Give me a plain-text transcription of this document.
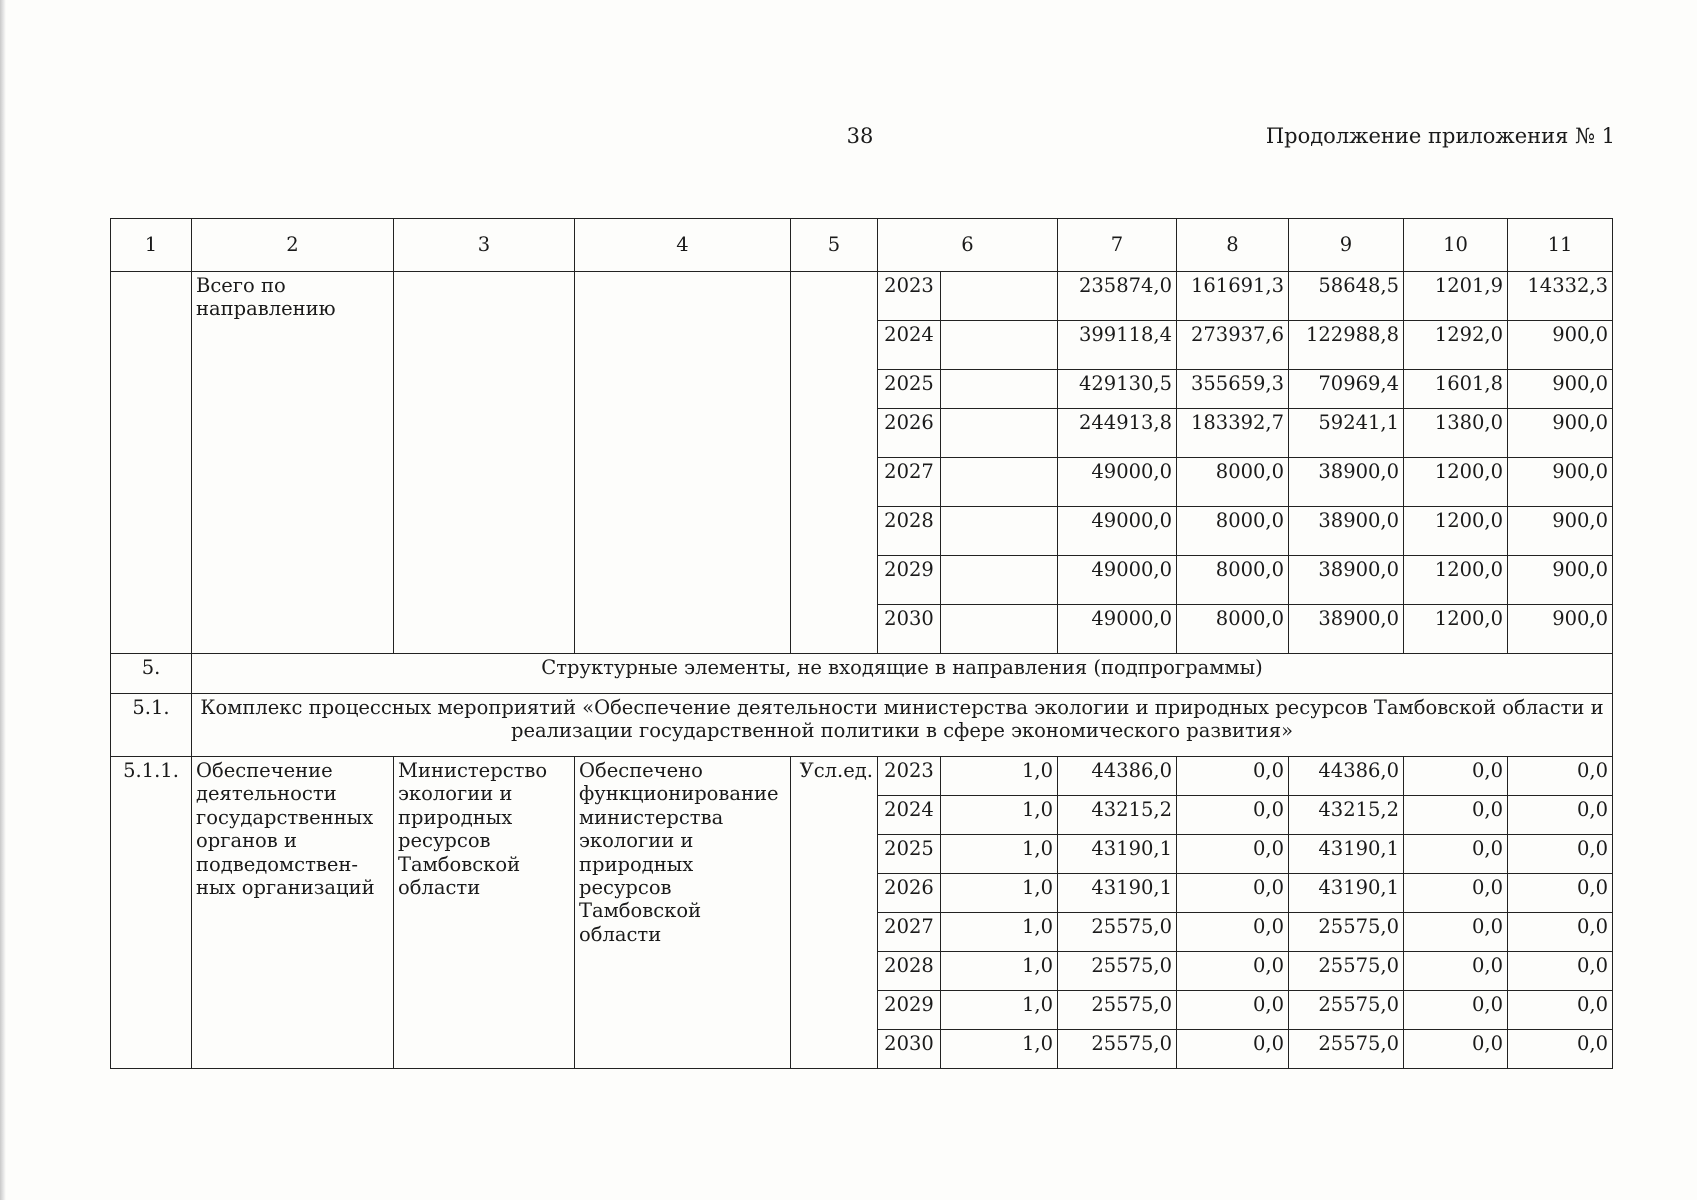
38	Продолжение приложения № 1
1	2	3	4	5	6		7	8	9	10	11
	Всего по направлению				2023		235874,0	161691,3	58648,5	1201,9	14332,3
					2024		399118,4	273937,6	122988,8	1292,0	900,0
					2025		429130,5	355659,3	70969,4	1601,8	900,0
					2026		244913,8	183392,7	59241,1	1380,0	900,0
					2027		49000,0	8000,0	38900,0	1200,0	900,0
					2028		49000,0	8000,0	38900,0	1200,0	900,0
					2029		49000,0	8000,0	38900,0	1200,0	900,0
					2030		49000,0	8000,0	38900,0	1200,0	900,0
5.	Структурные элементы, не входящие в направления (подпрограммы)										
5.1.	Комплекс процессных мероприятий «Обеспечение деятельности министерства экологии и природных ресурсов Тамбовской области и реализации государственной политики в сфере экономического развития»										
5.1.1.	Обеспечение деятельности государственных органов и подведомствен-ных организаций	Министерство экологии и природных ресурсов Тамбовской области	Обеспечено функционирование министерства экологии и природных ресурсов Тамбовской области	Усл.ед.	2023	1,0	44386,0	0,0	44386,0	0,0	0,0
					2024	1,0	43215,2	0,0	43215,2	0,0	0,0
					2025	1,0	43190,1	0,0	43190,1	0,0	0,0
					2026	1,0	43190,1	0,0	43190,1	0,0	0,0
					2027	1,0	25575,0	0,0	25575,0	0,0	0,0
					2028	1,0	25575,0	0,0	25575,0	0,0	0,0
					2029	1,0	25575,0	0,0	25575,0	0,0	0,0
					2030	1,0	25575,0	0,0	25575,0	0,0	0,0
